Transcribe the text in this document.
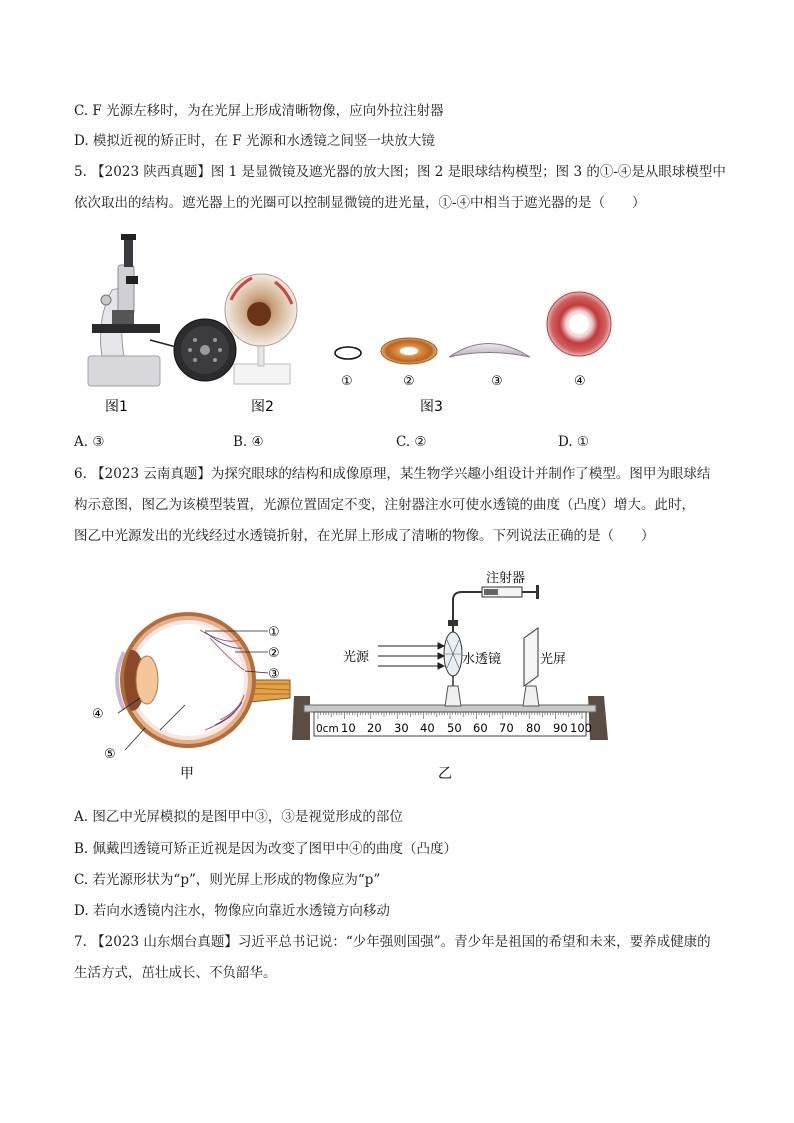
C. F 光源左移时，为在光屏上形成清晰物像，应向外拉注射器
D. 模拟近视的矫正时，在 F 光源和水透镜之间竖一块放大镜
5. 【2023 陕西真题】图 1 是显微镜及遮光器的放大图；图 2 是眼球结构模型；图 3 的①-④是从眼球模型中
依次取出的结构。遮光器上的光圈可以控制显微镜的进光量，①-④中相当于遮光器的是（　　）
①	②	③	④
图1	图2	图3
A. ③	B. ④	C. ②	D. ①
6. 【2023 云南真题】为探究眼球的结构和成像原理，某生物学兴趣小组设计并制作了模型。图甲为眼球结
构示意图，图乙为该模型装置，光源位置固定不变，注射器注水可使水透镜的曲度（凸度）增大。此时，
图乙中光源发出的光线经过水透镜折射，在光屏上形成了清晰的物像。下列说法正确的是（　　）
①
②
③
④
⑤
甲
0cm 10 20 30 40 50 60 70 80 90 100
注射器
水透镜
光源	光屏
乙
A. 图乙中光屏模拟的是图甲中③，③是视觉形成的部位
B. 佩戴凹透镜可矫正近视是因为改变了图甲中④的曲度（凸度）
C. 若光源形状为“p”，则光屏上形成的物像应为“p”
D. 若向水透镜内注水，物像应向靠近水透镜方向移动
7. 【2023 山东烟台真题】习近平总书记说：“少年强则国强”。青少年是祖国的希望和未来，要养成健康的
生活方式，茁壮成长、不负韶华。
